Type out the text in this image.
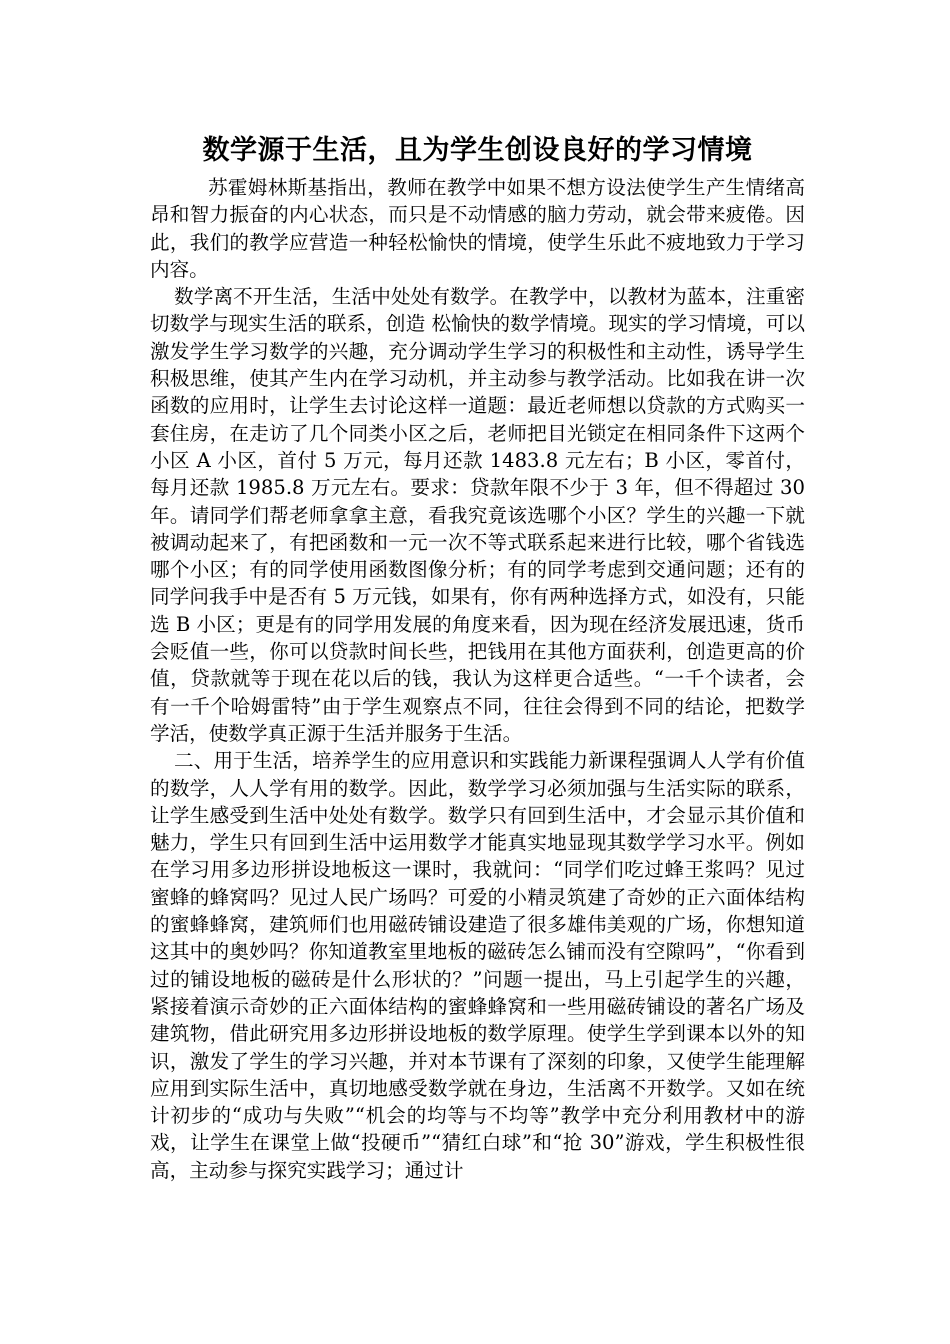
数学源于生活，且为学生创设良好的学习情境

苏霍姆林斯基指出，教师在教学中如果不想方设法使学生产生情绪高昂和智力振奋的内心状态，而只是不动情感的脑力劳动，就会带来疲倦。因此，我们的教学应营造一种轻松愉快的情境，使学生乐此不疲地致力于学习内容。

数学离不开生活，生活中处处有数学。在教学中，以教材为蓝本，注重密切数学与现实生活的联系，创造 松愉快的数学情境。现实的学习情境，可以激发学生学习数学的兴趣，充分调动学生学习的积极性和主动性，诱导学生积极思维，使其产生内在学习动机，并主动参与教学活动。比如我在讲一次函数的应用时，让学生去讨论这样一道题：最近老师想以贷款的方式购买一套住房，在走访了几个同类小区之后，老师把目光锁定在相同条件下这两个小区 A 小区，首付 5 万元，每月还款 1483.8 元左右；B 小区，零首付，每月还款 1985.8 万元左右。要求：贷款年限不少于 3 年，但不得超过 30 年。请同学们帮老师拿拿主意，看我究竟该选哪个小区？学生的兴趣一下就被调动起来了，有把函数和一元一次不等式联系起来进行比较，哪个省钱选哪个小区；有的同学使用函数图像分析；有的同学考虑到交通问题；还有的同学问我手中是否有 5 万元钱，如果有，你有两种选择方式，如没有，只能选 B 小区；更是有的同学用发展的角度来看，因为现在经济发展迅速，货币会贬值一些，你可以贷款时间长些，把钱用在其他方面获利，创造更高的价值，贷款就等于现在花以后的钱，我认为这样更合适些。“一千个读者，会有一千个哈姆雷特”由于学生观察点不同，往往会得到不同的结论，把数学学活，使数学真正源于生活并服务于生活。

二、用于生活，培养学生的应用意识和实践能力新课程强调人人学有价值的数学，人人学有用的数学。因此，数学学习必须加强与生活实际的联系，让学生感受到生活中处处有数学。数学只有回到生活中，才会显示其价值和魅力，学生只有回到生活中运用数学才能真实地显现其数学学习水平。例如在学习用多边形拼设地板这一课时，我就问：“同学们吃过蜂王浆吗？见过蜜蜂的蜂窝吗？见过人民广场吗？可爱的小精灵筑建了奇妙的正六面体结构的蜜蜂蜂窝，建筑师们也用磁砖铺设建造了很多雄伟美观的广场，你想知道这其中的奥妙吗？你知道教室里地板的磁砖怎么铺而没有空隙吗”，“你看到过的铺设地板的磁砖是什么形状的？”问题一提出，马上引起学生的兴趣，紧接着演示奇妙的正六面体结构的蜜蜂蜂窝和一些用磁砖铺设的著名广场及建筑物，借此研究用多边形拼设地板的数学原理。使学生学到课本以外的知识，激发了学生的学习兴趣，并对本节课有了深刻的印象，又使学生能理解应用到实际生活中，真切地感受数学就在身边，生活离不开数学。又如在统计初步的“成功与失败”“机会的均等与不均等”教学中充分利用教材中的游戏，让学生在课堂上做“投硬币”“猜红白球”和“抢 30”游戏，学生积极性很高，主动参与探究实践学习；通过计
